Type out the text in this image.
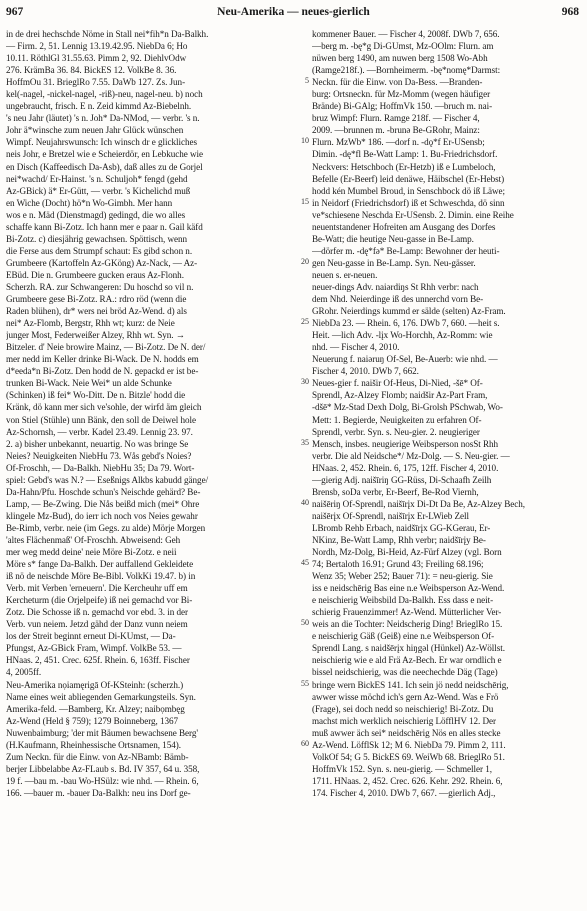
967	Neu-Amerika — neues-gierlich	968
in de drei hechschde Nöme in Stall nei*fih*n Da-Balkh.
— Firm. 2, 51. Lennig 13.19.42.95. NiebDa 6; Ho
10.11. RöthlGl 31.55.63. Pimm 2, 92. DiehlvOdw
276. KrämBa 36. 84. BickES 12. VolkBe 8. 36.
HoffmOu 31. BrieglRo 7.55. DaWb 127. Zs. Jun-
kel(-nagel, -nickel-nagel, -riß)-neu, nagel-neu. b) noch
ungebraucht, frisch. E n. Zeid kimmd Az-Biebelnh.
's neu Jahr (läutet) 's n. Joh* Da-NMod, — verbr. 's n.
Johr ä*winsche zum neuen Jahr Glück wünschen
Wimpf. Neujahrswunsch: Ich winsch dr e glickliches
neis Johr, e Bretzel wie e Scheierdör, en Lebkuche wie
en Disch (Kaffeedisch Da-Asb), daß alles zu de Gorjel
nei*wachd/ Er-Hainst. 's n. Schuljoh* fengd (gehd
Az-GBick) ä* Er-Gütt, — verbr. 's Kichelichd muß
en Wiche (Docht) hö*n Wo-Gimbh. Mer hann
wos e n. Mäd (Dienstmagd) gedingd, die wo alles
schaffe kann Bi-Zotz. Ich hann mer e paar n. Gail käfd
Bi-Zotz. c) diesjährig gewachsen. Spöttisch, wenn
die Ferse aus dem Strumpf schaut: Es gibd schon n.
Grumbeere (Kartoffeln Az-GKöng) Az-Nack, — Az-
EBüd. Die n. Grumbeere gucken eraus Az-Flonh.
Scherzh. RA. zur Schwangeren: Du hoschd so vil n.
Grumbeere gese Bi-Zotz. RA.: rdro röd (wenn die
Raden blühen), dr* wers nei bröd Az-Wend. d) als
nei* Az-Flomb, Bergstr, Rhh wt; kurz: de Neie
junger Most, Federweißer Alzey, Rhh wt. Syn. →
Bitzeler. d' Neie browire Mainz, — Bi-Zotz. De N. der/
mer nedd im Keller drinke Bi-Wack. De N. hodds em
d*eeda*n Bi-Zotz. Den hodd de N. gepackd er ist be-
trunken Bi-Wack. Neie Wei* un alde Schunke
(Schinken) iß fei* Wo-Ditt. De n. Bitzle' hodd die
Kränk, dö kann mer sich ve'sohle, der wirfd äm gleich
von Stiel (Stühle) unn Bänk, den soll de Deiwel hole
Az-Schornsh, — verbr. Kadel 23.49. Lennig 23. 97.
2. a) bisher unbekannt, neuartig. No was bringe Se
Neies? Neuigkeiten NiebHu 73. Wås gebd's Noies?
Of-Froschh, — Da-Balkh. NiebHu 35; Da 79. Wort-
spiel: Gebd's was N.? — Eseßnigs Alkbs kabudd gänge/
Da-Hahn/Pfu. Hoschde schun's Neischde gehärd? Be-
Lamp, — Be-Zwing. Die Nås beißd mich (mei* Ohre
klingele Mz-Bud), do ierr ich noch vos Neies gewahr
Be-Rimb, verbr. neie (im Gegs. zu alde) Mörje Morgen
'altes Flächenmaß' Of-Froschh. Abweisend: Geh
mer weg medd deine' neie Möre Bi-Zotz. e neii
Möre s* fange Da-Balkh. Der auffallend Gekleidete
iß nö de neischde Möre Be-Bibl. VolkKi 19.47. b) in
Verb. mit Verben 'erneuern'. Die Kercheuhr uff em
Kercheturm (die Orjelpeife) iß nei gemachd vor Bi-
Zotz. Die Schosse iß n. gemachd vor ebd. 3. in der
Verb. vun neiem. Jetzd gähd der Danz vunn neiem
los der Streit beginnt erneut Di-KUmst, — Da-
Pfungst, Az-GBick Fram, Wimpf. VolkBe 53. —
HNaas. 2, 451. Crec. 625f. Rhein. 6, 163ff. Fischer
4, 2005ff.
Neu-Amerika nọiamęrigā Of-KSteinh: (scherzh.)
Name eines weit abliegenden Gemarkungsteils. Syn.
Amerika-feld. —Bamberg, Kr. Alzey; naibọmbęg
Az-Wend (Held § 759); 1279 Boinneberg, 1367
Nuwenbaimburg; 'der mit Bäumen bewachsene Berg'
(H.Kaufmann, Rheinhessische Ortsnamen, 154).
Zum Neckn. für die Einw. von Az-NBamb: Bämb-
berjer Libbelabbe Az-FLaub s. Bd. IV 357, 64 u. 358,
19 f. —bau m. -bau Wo-HSülz: wie nhd. — Rhein. 6,
166. —bauer m. -bauer Da-Balkh: neu ins Dorf ge-
5
10
15
20
25
30
35
40
45
50
55
60
kommener Bauer. — Fischer 4, 2008f. DWb 7, 656.
—berg m. -bę*g Di-GUmst, Mz-OOlm: Flurn. am
nüwen berg 1490, am nuwen berg 1508 Wo-Abh
(Ramge218f.). —Bornheimerm. -bę*nomę*Darmst:
Neckn. für die Einw. von Da-Bess. —Branden-
burg: Ortsneckn. für Mz-Momm (wegen häufiger
Brände) Bi-GAlg; HoffmVk 150. —bruch m. nai-
bruz Wimpf: Flurn. Ramge 218f. — Fischer 4,
2009. —brunnen m. -brunə Be-GRohr, Mainz:
Flurn. MzWb* 186. —dorf n. -dǫ*f Er-USensb;
Dimin. -dę*fl Be-Watt Lamp: 1. Bu-Friedrichsdorf.
Neckvers: Hetschboch (Er-Hetzb) iß e Lumbeloch,
Befelle (Er-Beerf) leid denäwe, Häibschel (Er-Hebst)
hodd kén Mumbel Broud, in Senschbock dö iß Läwe;
in Neidorf (Friedrichsdorf) iß et Schweschda, dö sinn
ve*schiesene Neschda Er-USensb. 2. Dimin. eine Reihe
neuentstandener Hofreiten am Ausgang des Dorfes
Be-Watt; die heutige Neu-gasse in Be-Lamp.
—dörfer m. -dę*fə* Be-Lamp: Bewohner der heuti-
gen Neu-gasse in Be-Lamp. Syn. Neu-gässer.
neuen s. er-neuen.
neuer-dings Adv. naiərdiŋs St Rhh verbr: nach
dem Nhd. Neierdinge iß des unnerchd vorn Be-
GRohr. Neierdings kummd er sälde (selten) Az-Fram.
NiebDa 23. — Rhein. 6, 176. DWb 7, 660. —heit s.
Heit. —lich Adv. -lįx Wo-Horchh, Az-Romm: wie
nhd. — Fischer 4, 2010.
Neuerung f. naiəruŋ Of-Sel, Be-Auerb: wie nhd. —
Fischer 4, 2010. DWb 7, 662.
Neues-gier f. naišir Of-Heus, Di-Nied, -šē* Of-
Sprendl, Az-Alzey Flomb; naidšir Az-Part Fram,
-dšē* Mz-Stad Dexh Dolg, Bi-Grolsh PSchwab, Wo-
Mett: 1. Begierde, Neuigkeiten zu erfahren Of-
Sprendl, verbr. Syn. s. Neu-gier. 2. neugieriger
Mensch, insbes. neugierige Weibsperson nosSt Rhh
verbr. Die ald Neidsche*/ Mz-Dolg. — S. Neu-gier. —
HNaas. 2, 452. Rhein. 6, 175, 12ff. Fischer 4, 2010.
—gierig Adj. naišīriŋ GG-Rüss, Di-Schaafh Zeilh
Brensb, soDa verbr, Er-Beerf, Be-Rod Viernh,
naišēriŋ Of-Sprendl, naišīrįx Di-Dt Da Be, Az-Alzey Bech,
naišērįx Of-Sprendl, naišīrįx Er-LWieb Zell
LBromb Rehb Erbach, naidšīrįx GG-KGerau, Er-
NKinz, Be-Watt Lamp, Rhh verbr; naidšīrįy Be-
Nordh, Mz-Dolg, Bi-Heid, Az-Fürf Alzey (vgl. Born
74; Bertaloth 16.91; Grund 43; Freiling 68.196;
Wenz 35; Weber 252; Bauer 71): = neu-gierig. Sie
iss e neidschērig Bas eine n.e Weibsperson Az-Wend.
e neischierig Weibsbild Da-Balkh. Ess dass e neit-
schierig Frauenzimmer! Az-Wend. Mütterlicher Ver-
weis an die Tochter: Neidscherig Ding! BrieglRo 15.
e neischierig Gäß (Geiß) eine n.e Weibsperson Of-
Sprendl Lang. s naidšērįx hiŋgəl (Hünkel) Az-Wöllst.
neischierig wie e ald Frä Az-Bech. Er war orndlich e
bissel neidschierig, was die neechechde Däg (Tage)
bringe wern BickES 141. Ich sein jö nedd neidschērig,
awwer wisse möchd ich's gern Az-Wend. Was e Frö
(Frage), sei doch nedd so neischierig! Bi-Zotz. Du
machst mich werklich neischierig LöfflHV 12. Der
muß awwer äch sei* neidschērig Nös en alles stecke
Az-Wend. LöfflSk 12; M 6. NiebDa 79. Pimm 2, 111.
VolkOf 54; G 5. BickES 69. WeiWb 68. BrieglRo 51.
HoffmVk 152. Syn. s. neu-gierig. — Schmeller 1,
1711. HNaas. 2, 452. Crec. 626. Kehr. 292. Rhein. 6,
174. Fischer 4, 2010. DWb 7, 667. —gierlich Adj.,
